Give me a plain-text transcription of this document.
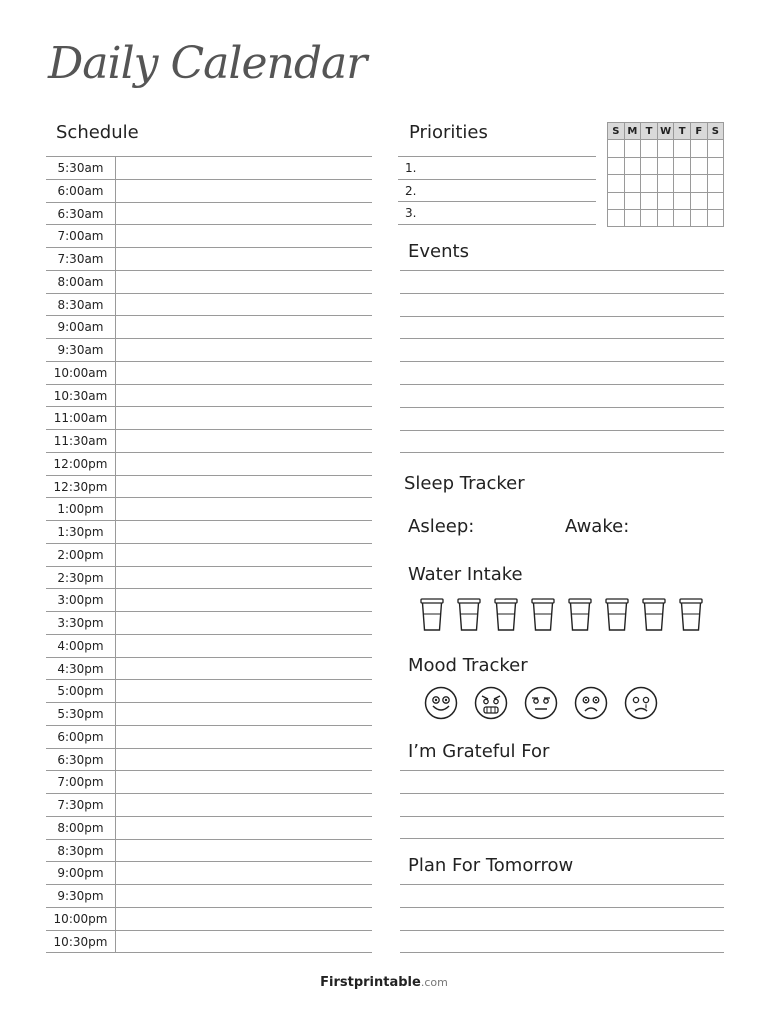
Daily Calendar
Schedule
5:30am
6:00am
6:30am
7:00am
7:30am
8:00am
8:30am
9:00am
9:30am
10:00am
10:30am
11:00am
11:30am
12:00pm
12:30pm
1:00pm
1:30pm
2:00pm
2:30pm
3:00pm
3:30pm
4:00pm
4:30pm
5:00pm
5:30pm
6:00pm
6:30pm
7:00pm
7:30pm
8:00pm
8:30pm
9:00pm
9:30pm
10:00pm
10:30pm
Priorities
1.
2.
3.
S	M	T	W	T	F	S

Events
Sleep Tracker
Asleep:	Awake:
Water Intake
Mood Tracker
I’m Grateful For
Plan For Tomorrow
Firstprintable.com
